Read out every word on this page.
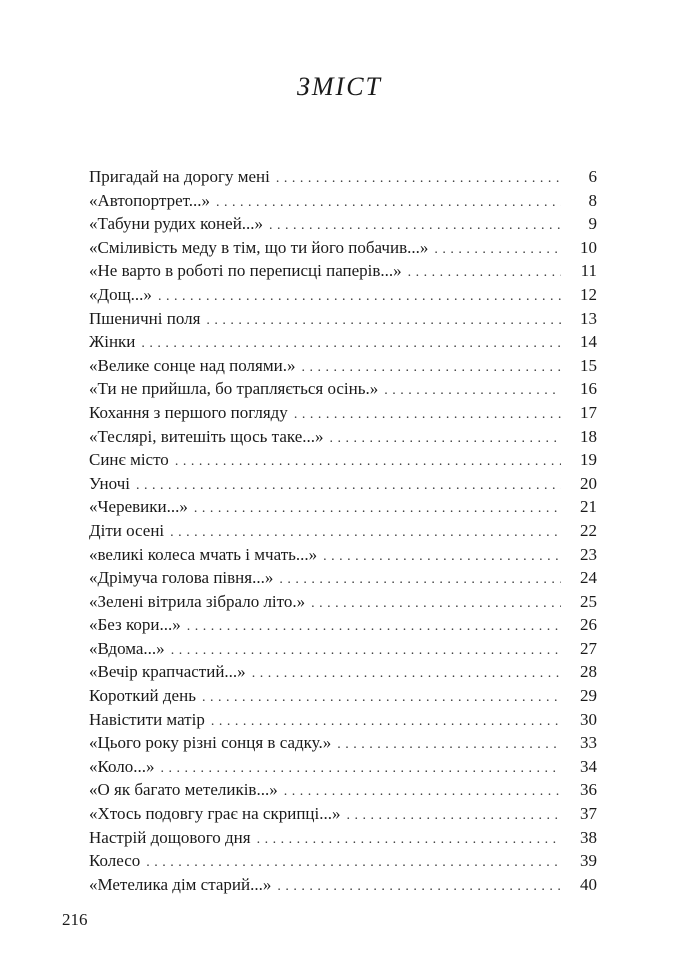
ЗМІСТ
Пригадай на дорогу мені . . .	6
«Автопортрет...» . . .	8
«Табуни рудих коней...» . . .	9
«Сміливість меду в тім, що ти його побачив...» . . .	10
«Не варто в роботі по переписці паперів...» . . .	11
«Дощ...» . . .	12
Пшеничні поля . . .	13
Жінки . . .	14
«Велике сонце над полями.» . . .	15
«Ти не прийшла, бо трапляється осінь.» . . .	16
Кохання з першого погляду . . .	17
«Теслярі, витешіть щось таке...» . . .	18
Синє місто . . .	19
Уночі . . .	20
«Черевики...» . . .	21
Діти осені . . .	22
«великі колеса мчать і мчать...» . . .	23
«Дрімуча голова півня...» . . .	24
«Зелені вітрила зібрало літо.» . . .	25
«Без кори...» . . .	26
«Вдома...» . . .	27
«Вечір крапчастий...» . . .	28
Короткий день . . .	29
Навістити матір . . .	30
«Цього року різні сонця в садку.» . . .	33
«Коло...» . . .	34
«О як багато метеликів...» . . .	36
«Хтось подовгу грає на скрипці...» . . .	37
Настрій дощового дня . . .	38
Колесо . . .	39
«Метелика дім старий...» . . .	40
216
